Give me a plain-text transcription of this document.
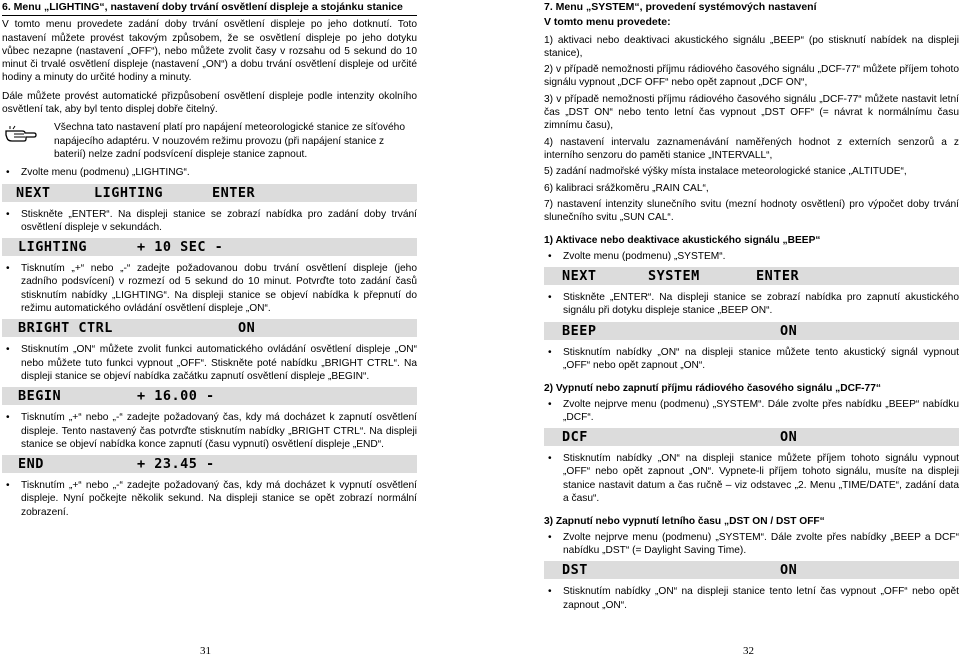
6. Menu „LIGHTING“, nastavení doby trvání osvětlení displeje a stojánku stanice

V tomto menu provedete zadání doby trvání osvětlení displeje po jeho dotknutí. Toto nastavení můžete provést takovým způsobem, že se osvětlení displeje po jeho dotyku vůbec nezapne (nastavení „OFF“), nebo můžete zvolit časy v rozsahu od 5 sekund do 10 minut či trvalé osvětlení displeje (nastavení „ON“) a dobu trvání osvětlení displeje od určité hodiny a minuty do určité hodiny a minuty.

Dále můžete provést automatické přizpůsobení osvětlení displeje podle intenzity okolního osvětlení tak, aby byl tento displej dobře čitelný.

Všechna tato nastavení platí pro napájení meteorologické stanice ze síťového napájecího adaptéru. V nouzovém režimu provozu (při napájení stanice z baterií) nelze zadní podsvícení displeje stanice zapnout.
• Zvolte menu (podmenu) „LIGHTING“.
NEXT	LIGHTING	ENTER
• Stiskněte „ENTER“. Na displeji stanice se zobrazí nabídka pro zadání doby trvání osvětlení displeje v sekundách.
LIGHTING	+ 10 SEC -
• Tisknutím „+“ nebo „-“ zadejte požadovanou dobu trvání osvětlení displeje (jeho zadního podsvícení) v rozmezí od 5 sekund do 10 minut. Potvrďte toto zadání časů stisknutím nabídky „LIGHTING“. Na displeji stanice se objeví nabídka k přepnutí do režimu automatického ovládání osvětlení displeje „ON“.
BRIGHT CTRL	ON
• Stisknutím „ON“ můžete zvolit funkci automatického ovládání osvětlení displeje „ON“ nebo můžete tuto funkci vypnout „OFF“. Stiskněte poté nabídku „BRIGHT CTRL“. Na displeji stanice se objeví nabídka začátku zapnutí osvětlení displeje „BEGIN“.
BEGIN	+ 16.00 -
• Tisknutím „+“ nebo „-“ zadejte požadovaný čas, kdy má docházet k zapnutí osvětlení displeje. Tento nastavený čas potvrďte stisknutím nabídky „BRIGHT CTRL“. Na displeji stanice se objeví nabídka konce zapnutí (času vypnutí) osvětlení displeje „END“.
END	+ 23.45 -
• Tisknutím „+“ nebo „-“ zadejte požadovaný čas, kdy má docházet k vypnutí osvětlení displeje. Nyní počkejte několik sekund. Na displeji stanice se opět zobrazí normální zobrazení.
7. Menu „SYSTEM“, provedení systémových nastavení
V tomto menu provedete:
1) aktivaci nebo deaktivaci akustického signálu „BEEP“ (po stisknutí nabídek na displeji stanice),
2) v případě nemožnosti příjmu rádiového časového signálu „DCF-77“ můžete příjem tohoto signálu vypnout „DCF OFF“ nebo opět zapnout „DCF ON“,
3) v případě nemožnosti příjmu rádiového časového signálu „DCF-77“ můžete nastavit letní čas „DST ON“ nebo tento letní čas vypnout „DST OFF“ (= návrat k normálnímu času zimnímu času),
4) nastavení intervalu zaznamenávání naměřených hodnot z externích senzorů a z interního senzoru do paměti stanice „INTERVALL“,
5) zadání nadmořské výšky místa instalace meteorologické stanice „ALTITUDE“,
6) kalibraci srážkoměru „RAIN CAL“,
7) nastavení intenzity slunečního svitu (mezní hodnoty osvětlení) pro výpočet doby trvání slunečního svitu „SUN CAL“.
1) Aktivace nebo deaktivace akustického signálu „BEEP“
• Zvolte menu (podmenu) „SYSTEM“.
NEXT	SYSTEM	ENTER
• Stiskněte „ENTER“. Na displeji stanice se zobrazí nabídka pro zapnutí akustického signálu při dotyku displeje stanice „BEEP ON“.
BEEP	ON
• Stisknutím nabídky „ON“ na displeji stanice můžete tento akustický signál vypnout „OFF“ nebo opět zapnout „ON“.
2) Vypnutí nebo zapnutí příjmu rádiového časového signálu „DCF-77“
• Zvolte nejprve menu (podmenu) „SYSTEM“. Dále zvolte přes nabídku „BEEP“ nabídku „DCF“.
DCF	ON
• Stisknutím nabídky „ON“ na displeji stanice můžete příjem tohoto signálu vypnout „OFF“ nebo opět zapnout „ON“. Vypnete-li příjem tohoto signálu, musíte na displeji stanice nastavit datum a čas ručně – viz odstavec „2. Menu „TIME/DATE“, zadání data a času“.
3) Zapnutí nebo vypnutí letního času „DST ON / DST OFF“
• Zvolte nejprve menu (podmenu) „SYSTEM“. Dále zvolte přes nabídky „BEEP a DCF“ nabídku „DST“ (= Daylight Saving Time).
DST	ON
• Stisknutím nabídky „ON“ na displeji stanice tento letní čas vypnout „OFF“ nebo opět zapnout „ON“.
31	32
